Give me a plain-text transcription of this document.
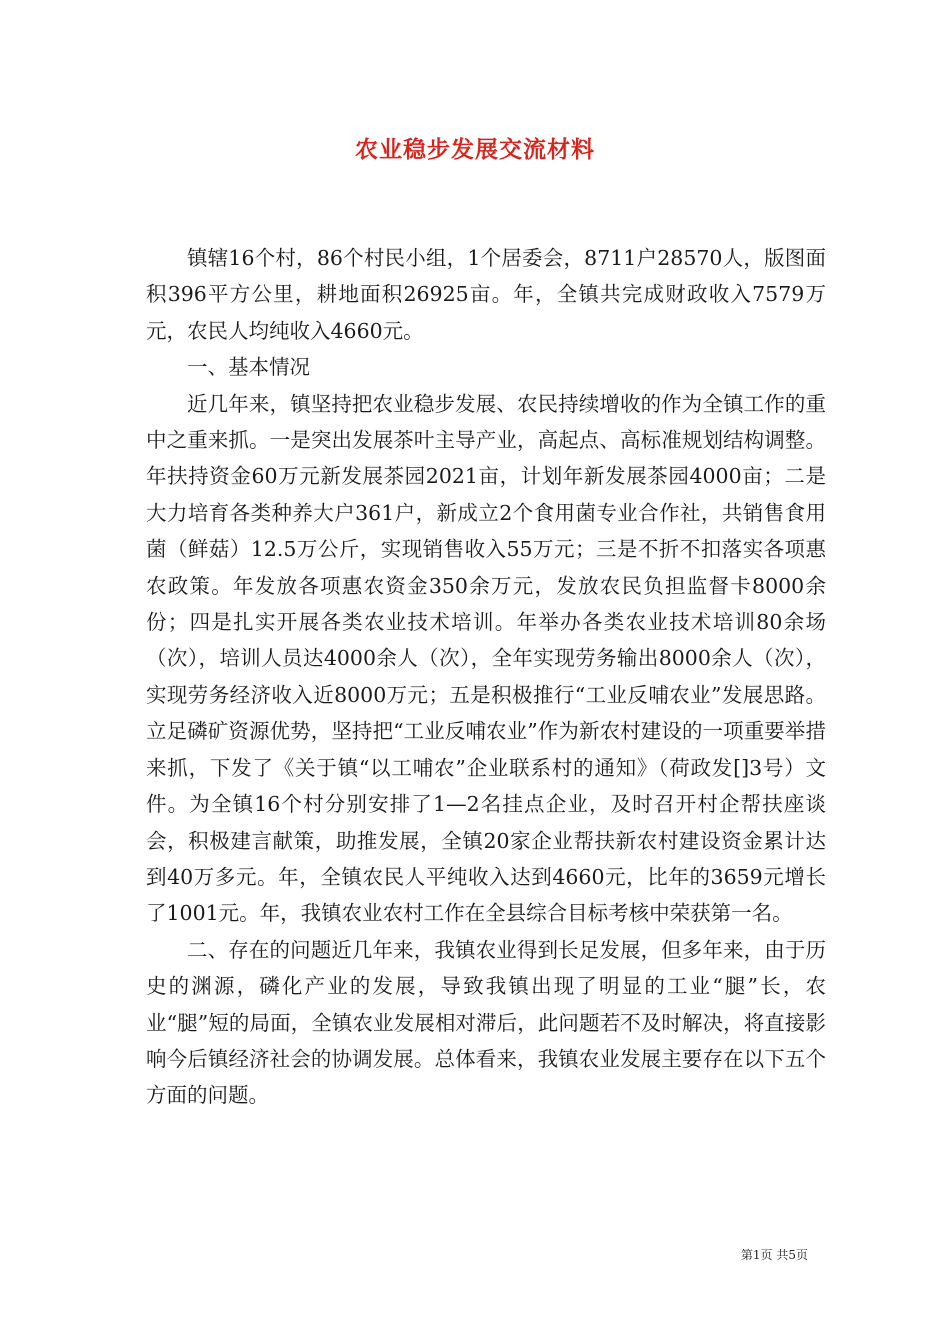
农业稳步发展交流材料

镇辖16个村，86个村民小组，1个居委会，8711户28570人，版图面积396平方公里，耕地面积26925亩。年，全镇共完成财政收入7579万元，农民人均纯收入4660元。

一、基本情况

近几年来，镇坚持把农业稳步发展、农民持续增收的作为全镇工作的重中之重来抓。一是突出发展茶叶主导产业，高起点、高标准规划结构调整。年扶持资金60万元新发展茶园2021亩，计划年新发展茶园4000亩；二是大力培育各类种养大户361户，新成立2个食用菌专业合作社，共销售食用菌（鲜菇）12.5万公斤，实现销售收入55万元；三是不折不扣落实各项惠农政策。年发放各项惠农资金350余万元，发放农民负担监督卡8000余份；四是扎实开展各类农业技术培训。年举办各类农业技术培训80余场（次），培训人员达4000余人（次），全年实现劳务输出8000余人（次），实现劳务经济收入近8000万元；五是积极推行“工业反哺农业”发展思路。立足磷矿资源优势，坚持把“工业反哺农业”作为新农村建设的一项重要举措来抓，下发了《关于镇“以工哺农”企业联系村的通知》（荷政发[]3号）文件。为全镇16个村分别安排了1—2名挂点企业，及时召开村企帮扶座谈会，积极建言献策，助推发展，全镇20家企业帮扶新农村建设资金累计达到40万多元。年，全镇农民人平纯收入达到4660元，比年的3659元增长了1001元。年，我镇农业农村工作在全县综合目标考核中荣获第一名。

二、存在的问题近几年来，我镇农业得到长足发展，但多年来，由于历史的渊源，磷化产业的发展，导致我镇出现了明显的工业“腿”长，农业“腿”短的局面，全镇农业发展相对滞后，此问题若不及时解决，将直接影响今后镇经济社会的协调发展。总体看来，我镇农业发展主要存在以下五个方面的问题。

第1页 共5页
